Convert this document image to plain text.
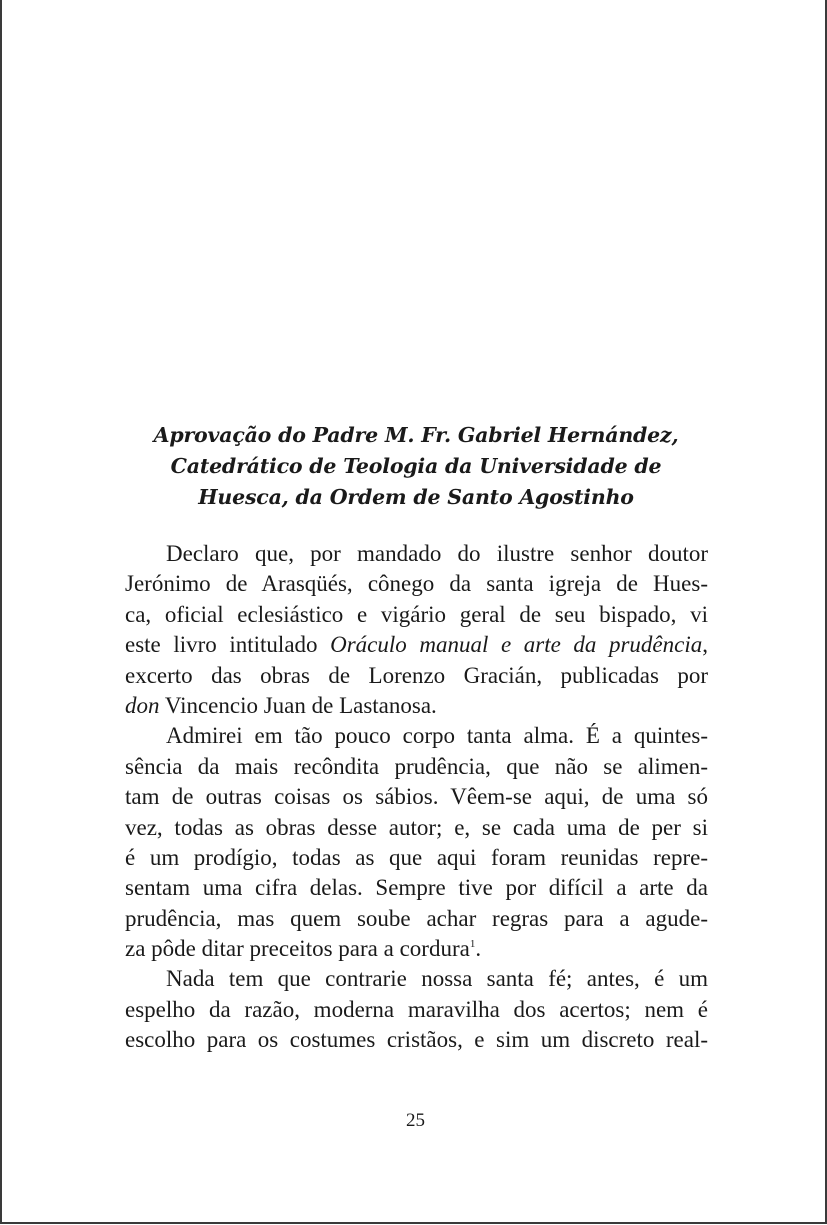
Aprovação do Padre M. Fr. Gabriel Hernández,
Catedrático de Teologia da Universidade de
Huesca, da Ordem de Santo Agostinho
Declaro que, por mandado do ilustre senhor doutor
Jerónimo de Arasqüés, cônego da santa igreja de Hues-
ca, oficial eclesiástico e vigário geral de seu bispado, vi
este livro intitulado Oráculo manual e arte da prudência,
excerto das obras de Lorenzo Gracián, publicadas por
don Vincencio Juan de Lastanosa.
Admirei em tão pouco corpo tanta alma. É a quintes-
sência da mais recôndita prudência, que não se alimen-
tam de outras coisas os sábios. Vêem-se aqui, de uma só
vez, todas as obras desse autor; e, se cada uma de per si
é um prodígio, todas as que aqui foram reunidas repre-
sentam uma cifra delas. Sempre tive por difícil a arte da
prudência, mas quem soube achar regras para a agude-
za pôde ditar preceitos para a cordura$^1$.
Nada tem que contrarie nossa santa fé; antes, é um
espelho da razão, moderna maravilha dos acertos; nem é
escolho para os costumes cristãos, e sim um discreto real-
25
